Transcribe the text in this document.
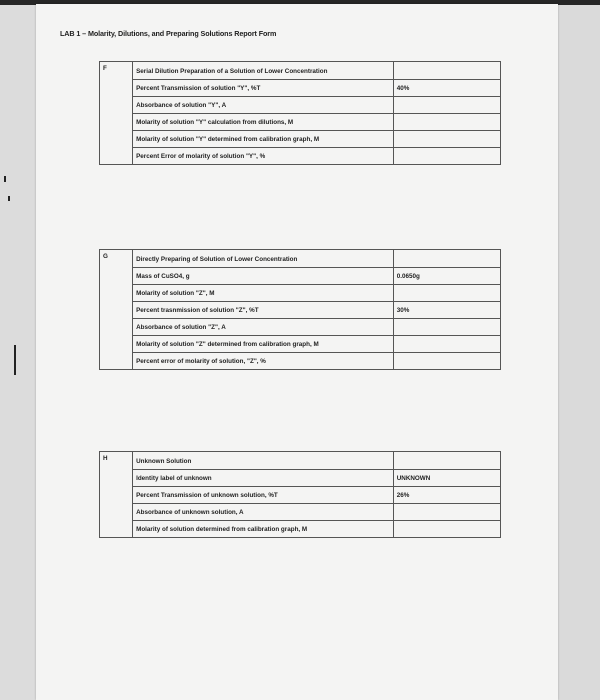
LAB 1 – Molarity, Dilutions, and Preparing Solutions Report Form
F	Serial Dilution Preparation of a Solution of Lower Concentration	
	Percent Transmission of solution "Y", %T	40%
	Absorbance of solution "Y", A	
	Molarity of solution "Y" calculation from dilutions, M	
	Molarity of solution "Y" determined from calibration graph, M	
	Percent Error of molarity of solution "Y", %	
G	Directly Preparing of Solution of Lower Concentration	
	Mass of CuSO4, g	0.0650g
	Molarity of solution "Z", M	
	Percent trasnmission of solution "Z", %T	30%
	Absorbance of solution "Z", A	
	Molarity of solution "Z" determined from calibration graph, M	
	Percent error of molarity of solution, "Z", %	
H	Unknown Solution	
	Identity label of unknown	UNKNOWN
	Percent Transmission of unknown solution, %T	26%
	Absorbance of unknown solution, A	
	Molarity of solution determined from calibration graph, M	
